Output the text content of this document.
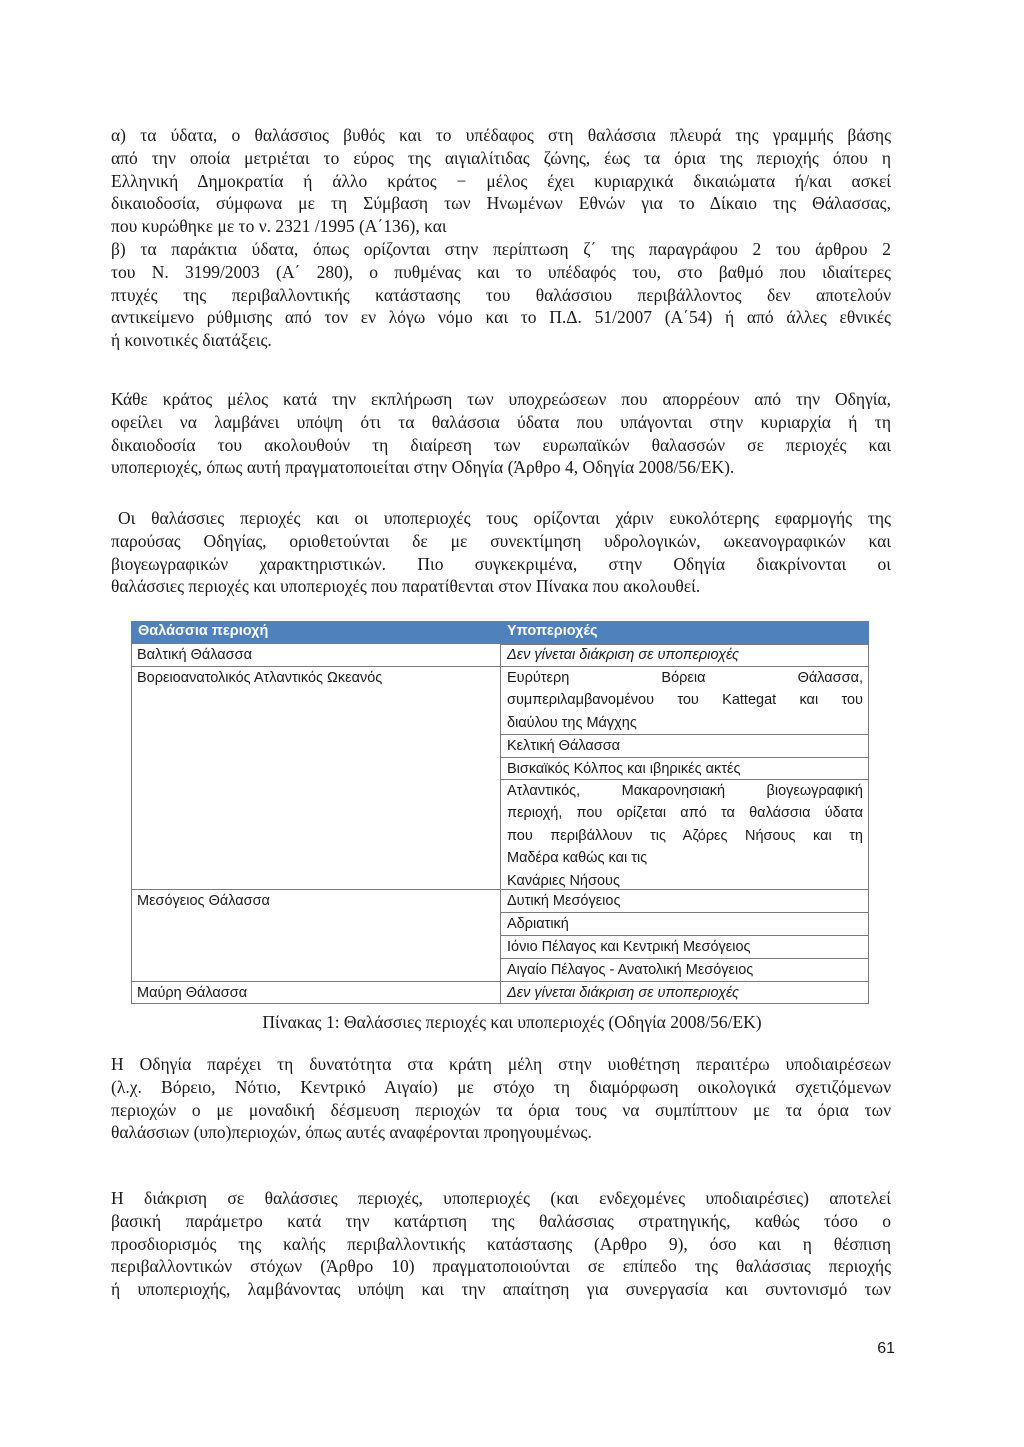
α) τα ύδατα, ο θαλάσσιος βυθός και το υπέδαφος στη θαλάσσια πλευρά της γραμμής βάσης
από την οποία μετριέται το εύρος της αιγιαλίτιδας ζώνης, έως τα όρια της περιοχής όπου η
Ελληνική Δημοκρατία ή άλλο κράτος − μέλος έχει κυριαρχικά δικαιώματα ή/και ασκεί
δικαιοδοσία, σύμφωνα με τη Σύμβαση των Ηνωμένων Εθνών για το Δίκαιο της Θάλασσας,
που κυρώθηκε με το ν. 2321 /1995 (Α΄136), και
β) τα παράκτια ύδατα, όπως ορίζονται στην περίπτωση ζ΄ της παραγράφου 2 του άρθρου 2
του Ν. 3199/2003 (Α΄ 280), ο πυθμένας και το υπέδαφός του, στο βαθμό που ιδιαίτερες
πτυχές της περιβαλλοντικής κατάστασης του θαλάσσιου περιβάλλοντος δεν αποτελούν
αντικείμενο ρύθμισης από τον εν λόγω νόμο και το Π.Δ. 51/2007 (Α΄54) ή από άλλες εθνικές
ή κοινοτικές διατάξεις.
Κάθε κράτος μέλος κατά την εκπλήρωση των υποχρεώσεων που απορρέουν από την Οδηγία,
οφείλει να λαμβάνει υπόψη ότι τα θαλάσσια ύδατα που υπάγονται στην κυριαρχία ή τη
δικαιοδοσία του ακολουθούν τη διαίρεση των ευρωπαϊκών θαλασσών σε περιοχές και
υποπεριοχές, όπως αυτή πραγματοποιείται στην Οδηγία (Άρθρο 4, Οδηγία 2008/56/ΕΚ).
Οι θαλάσσιες περιοχές και οι υποπεριοχές τους ορίζονται χάριν ευκολότερης εφαρμογής της
παρούσας Οδηγίας, οριοθετούνται δε με συνεκτίμηση υδρολογικών, ωκεανογραφικών και
βιογεωγραφικών χαρακτηριστικών. Πιο συγκεκριμένα, στην Οδηγία διακρίνονται οι
θαλάσσιες περιοχές και υποπεριοχές που παρατίθενται στον Πίνακα που ακολουθεί.
Θαλάσσια περιοχή	Υποπεριοχές
Βαλτική Θάλασσα
Βορειοανατολικός Ατλαντικός Ωκεανός
Μεσόγειος Θάλασσα
Μαύρη Θάλασσα
Δεν γίνεται διάκριση σε υποπεριοχές
Ευρύτερη Βόρεια Θάλασσα,
συμπεριλαμβανομένου του Kattegat και του
διαύλου της Μάγχης
Κελτική Θάλασσα
Βισκαϊκός Κόλπος και ιβηρικές ακτές
Ατλαντικός, Μακαρονησιακή βιογεωγραφική
περιοχή, που ορίζεται από τα θαλάσσια ύδατα
που περιβάλλουν τις Αζόρες Νήσους και τη
Μαδέρα καθώς και τις
Κανάριες Νήσους
Δυτική Μεσόγειος
Αδριατική
Ιόνιο Πέλαγος και Κεντρική Μεσόγειος
Αιγαίο Πέλαγος - Ανατολική Μεσόγειος
Δεν γίνεται διάκριση σε υποπεριοχές
Πίνακας 1: Θαλάσσιες περιοχές και υποπεριοχές (Οδηγία 2008/56/ΕΚ)
Η Οδηγία παρέχει τη δυνατότητα στα κράτη μέλη στην υιοθέτηση περαιτέρω υποδιαιρέσεων
(λ.χ. Βόρειο, Νότιο, Κεντρικό Αιγαίο) με στόχο τη διαμόρφωση οικολογικά σχετιζόμενων
περιοχών ο με μοναδική δέσμευση περιοχών τα όρια τους να συμπίπτουν με τα όρια των
θαλάσσιων (υπο)περιοχών, όπως αυτές αναφέρονται προηγουμένως.
Η διάκριση σε θαλάσσιες περιοχές, υποπεριοχές (και ενδεχομένες υποδιαιρέσιες) αποτελεί
βασική παράμετρο κατά την κατάρτιση της θαλάσσιας στρατηγικής, καθώς τόσο ο
προσδιορισμός της καλής περιβαλλοντικής κατάστασης (Αρθρο 9), όσο και η θέσπιση
περιβαλλοντικών στόχων (Άρθρο 10) πραγματοποιούνται σε επίπεδο της θαλάσσιας περιοχής
ή υποπεριοχής, λαμβάνοντας υπόψη και την απαίτηση για συνεργασία και συντονισμό των
61
